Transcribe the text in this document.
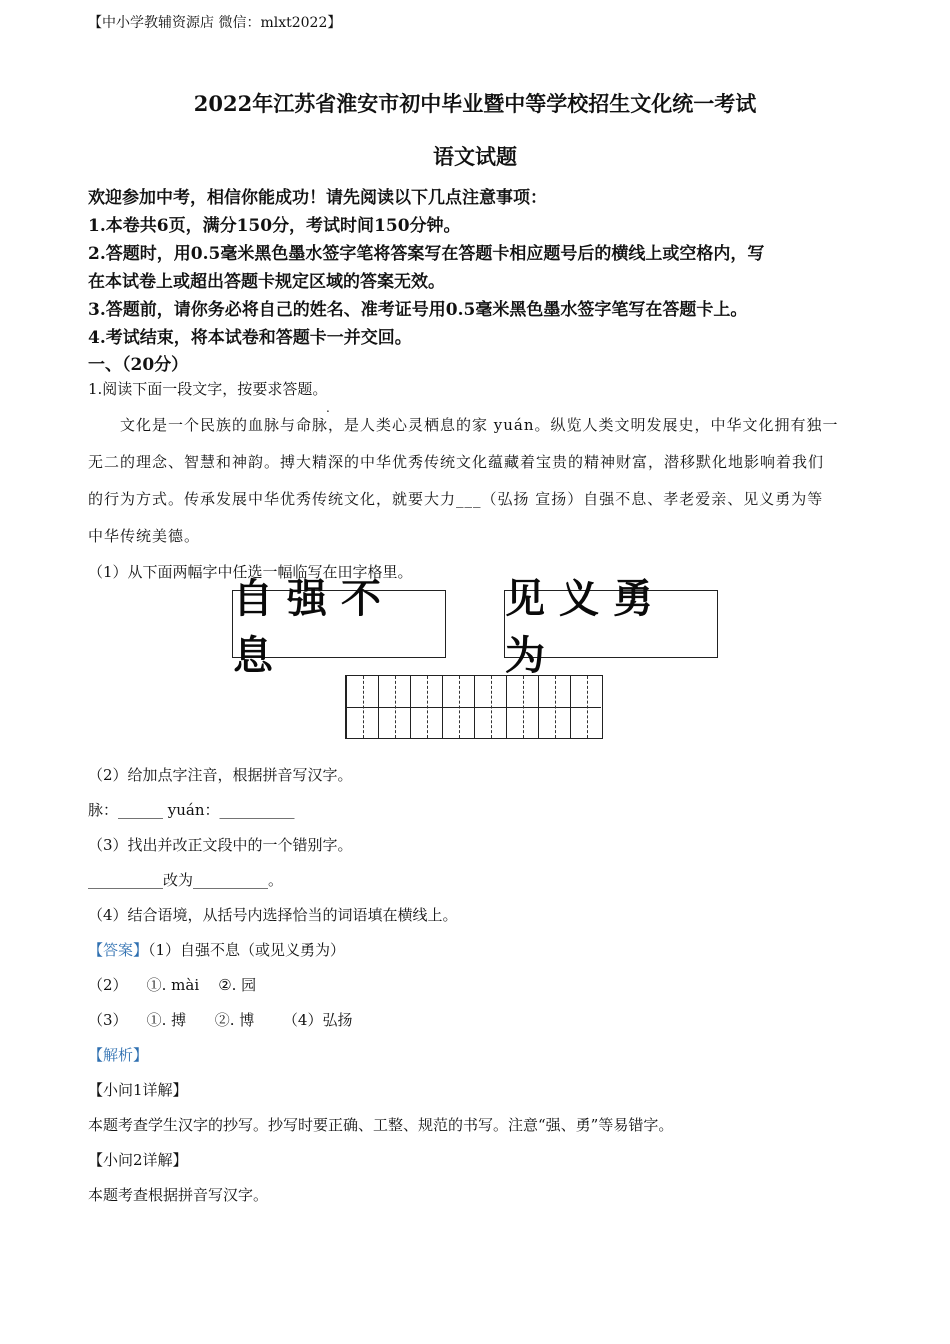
【中小学教辅资源店 微信：mlxt2022】
2022年江苏省淮安市初中毕业暨中等学校招生文化统一考试
语文试题
欢迎参加中考，相信你能成功！请先阅读以下几点注意事项：
1.本卷共6页，满分150分，考试时间150分钟。
2.答题时，用0.5毫米黑色墨水签字笔将答案写在答题卡相应题号后的横线上或空格内，写
在本试卷上或超出答题卡规定区域的答案无效。
3.答题前，请你务必将自己的姓名、准考证号用0.5毫米黑色墨水签字笔写在答题卡上。
4.考试结束，将本试卷和答题卡一并交回。
一、（20分）
1.阅读下面一段文字，按要求答题。
.
文化是一个民族的血脉与命脉，是人类心灵栖息的家 yuán。纵览人类文明发展史，中华文化拥有独一
无二的理念、智慧和神韵。搏大精深的中华优秀传统文化蕴藏着宝贵的精神财富，潜移默化地影响着我们
的行为方式。传承发展中华优秀传统文化，就要大力___（弘扬 宣扬）自强不息、孝老爱亲、见义勇为等
中华传统美德。
（1）从下面两幅字中任选一幅临写在田字格里。
自强不息
见义勇为
（2）给加点字注音，根据拼音写汉字。
脉：______ yuán：__________
（3）找出并改正文段中的一个错别字。
__________改为__________。
（4）结合语境，从括号内选择恰当的词语填在横线上。
【答案】（1）自强不息（或见义勇为）
（2）    ①. mài    ②. 园
（3）    ①. 搏      ②. 博      （4）弘扬
【解析】
【小问1详解】
本题考查学生汉字的抄写。抄写时要正确、工整、规范的书写。注意“强、勇”等易错字。
【小问2详解】
本题考查根据拼音写汉字。
